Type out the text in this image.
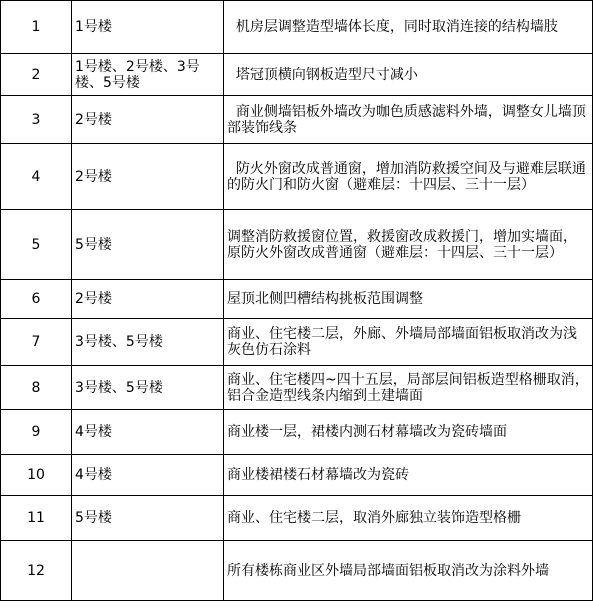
1	1号楼	机房层调整造型墙体长度，同时取消连接的结构墙肢
2	1号楼、2号楼、3号楼、5号楼	塔冠顶横向钢板造型尺寸减小
3	2号楼	商业侧墙铝板外墙改为咖色质感滤料外墙，调整女儿墙顶部装饰线条
4	2号楼	防火外窗改成普通窗，增加消防救援空间及与避难层联通的防火门和防火窗（避难层：十四层、三十一层）
5	5号楼	调整消防救援窗位置，救援窗改成救援门，增加实墙面，原防火外窗改成普通窗（避难层：十四层、三十一层）
6	2号楼	屋顶北侧凹槽结构挑板范围调整
7	3号楼、5号楼	商业、住宅楼二层，外廊、外墙局部墙面铝板取消改为浅灰色仿石涂料
8	3号楼、5号楼	商业、住宅楼四~四十五层，局部层间铝板造型格栅取消，铝合金造型线条内缩到土建墙面
9	4号楼	商业楼一层，裙楼内测石材幕墙改为瓷砖墙面
10	4号楼	商业楼裙楼石材幕墙改为瓷砖
11	5号楼	商业、住宅楼二层，取消外廊独立装饰造型格栅
12		所有楼栋商业区外墙局部墙面铝板取消改为涂料外墙
